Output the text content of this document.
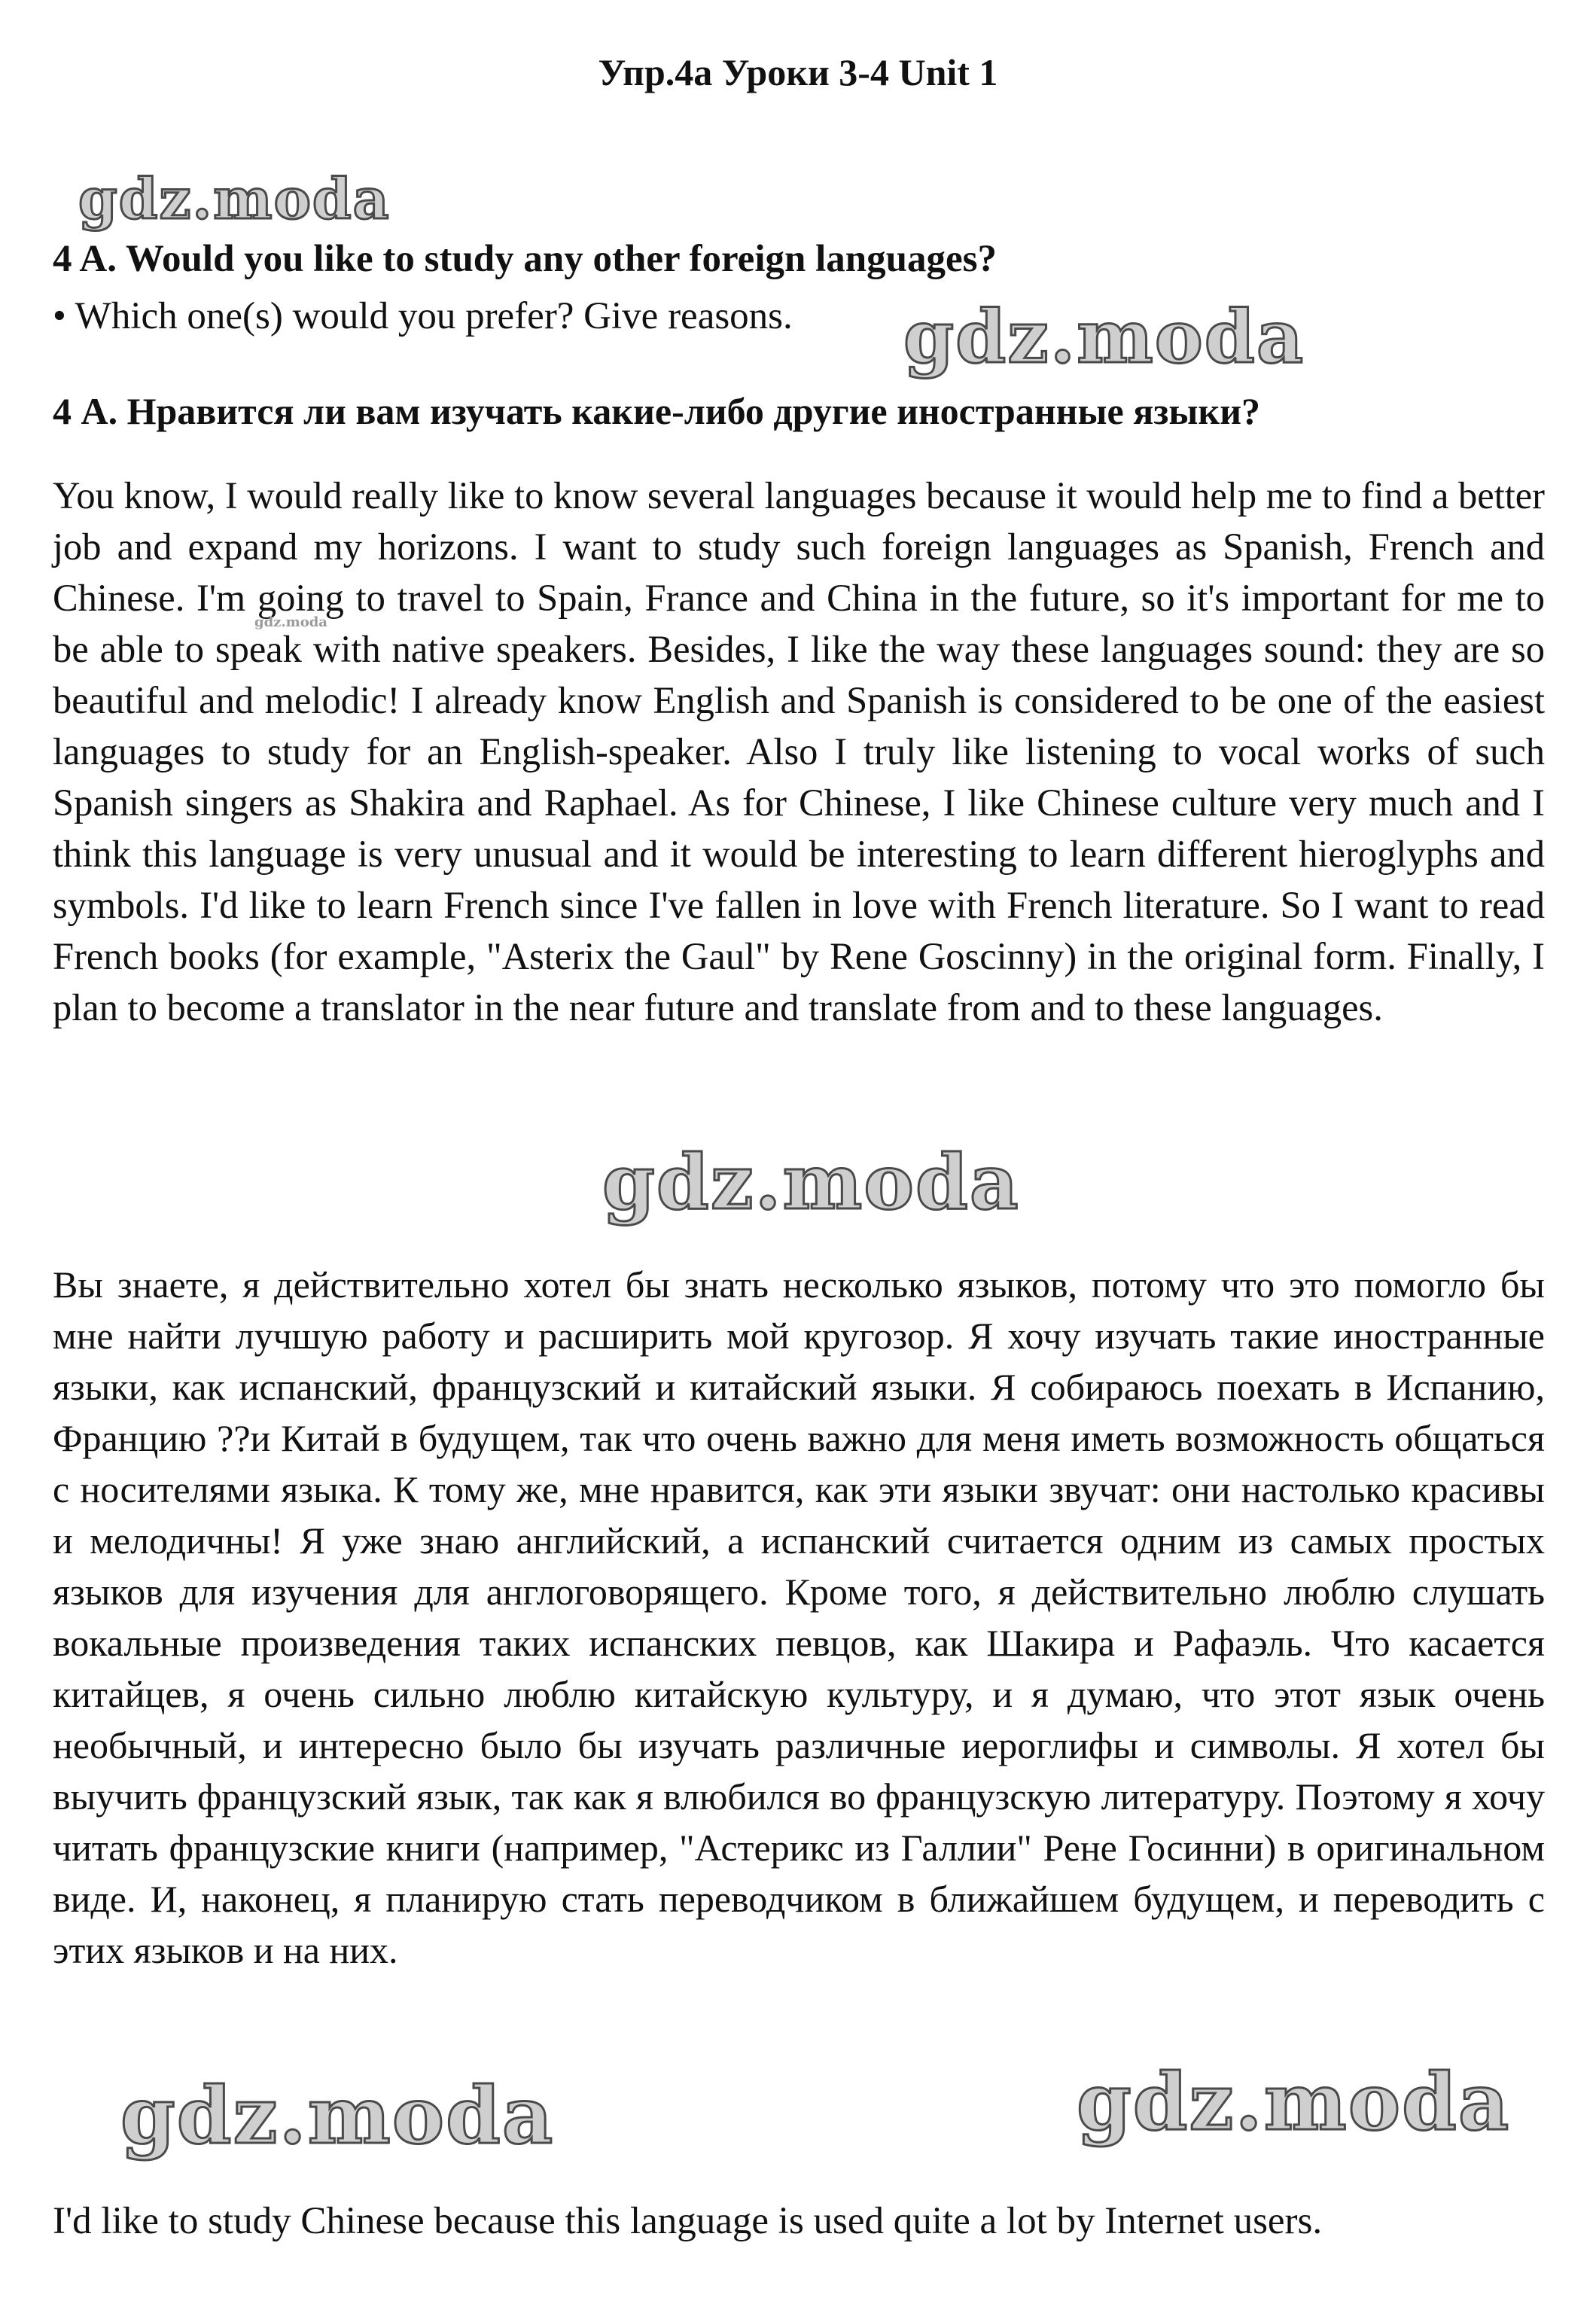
Упр.4а Уроки 3-4 Unit 1
gdz.moda
4 A. Would you like to study any other foreign languages?
• Which one(s) would you prefer? Give reasons. gdz.moda
4 А. Нравится ли вам изучать какие-либо другие иностранные языки?
You know, I would really like to know several languages because it would help me to find a better job and expand my horizons. I want to study such foreign languages as Spanish, French and Chinese. I'm going to travel to Spain, France and China in the future, so it's important for me to be able to speak with native speakers. Besides, I like the way these languages sound: they are so beautiful and melodic! I already know English and Spanish is considered to be one of the easiest languages to study for an English-speaker. Also I truly like listening to vocal works of such Spanish singers as Shakira and Raphael. As for Chinese, I like Chinese culture very much and I think this language is very unusual and it would be interesting to learn different hieroglyphs and symbols. I'd like to learn French since I've fallen in love with French literature. So I want to read French books (for example, "Asterix the Gaul" by Rene Goscinny) in the original form. Finally, I plan to become a translator in the near future and translate from and to these languages.
gdz.moda
gdz.moda
Вы знаете, я действительно хотел бы знать несколько языков, потому что это помогло бы мне найти лучшую работу и расширить мой кругозор. Я хочу изучать такие иностранные языки, как испанский, французский и китайский языки. Я собираюсь поехать в Испанию, Францию ??и Китай в будущем, так что очень важно для меня иметь возможность общаться с носителями языка. К тому же, мне нравится, как эти языки звучат: они настолько красивы и мелодичны! Я уже знаю английский, а испанский считается одним из самых простых языков для изучения для англоговорящего. Кроме того, я действительно люблю слушать вокальные произведения таких испанских певцов, как Шакира и Рафаэль. Что касается китайцев, я очень сильно люблю китайскую культуру, и я думаю, что этот язык очень необычный, и интересно было бы изучать различные иероглифы и символы. Я хотел бы выучить французский язык, так как я влюбился во французскую литературу. Поэтому я хочу читать французские книги (например, "Астерикс из Галлии" Рене Госинни) в оригинальном виде. И, наконец, я планирую стать переводчиком в ближайшем будущем, и переводить с этих языков и на них.
gdz.moda	gdz.moda
I'd like to study Chinese because this language is used quite a lot by Internet users.
